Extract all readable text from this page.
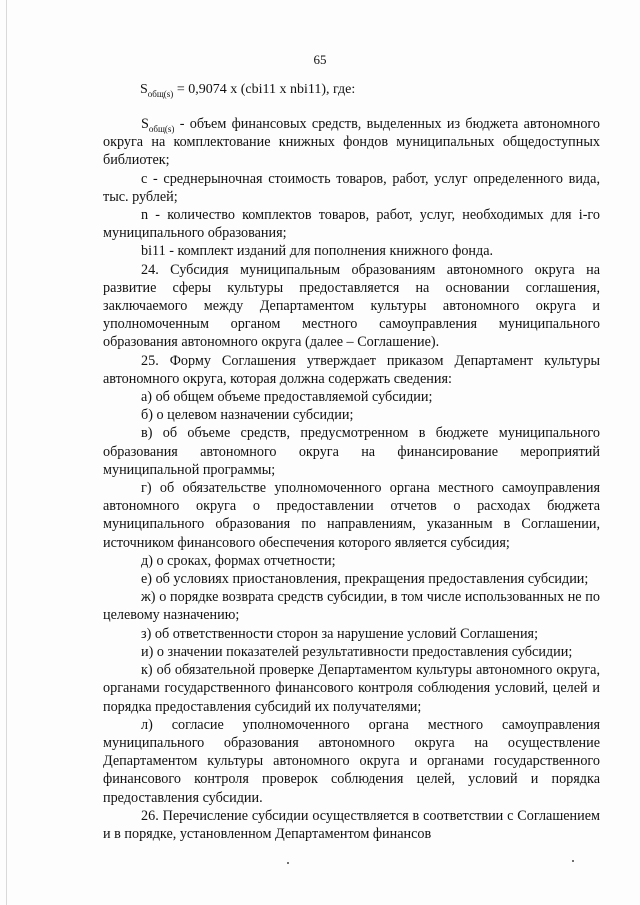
65
$S_{общ(s)} = 0,9074$ х (cbi11 х nbi11), где:

$S_{общ(s)}$ - объем финансовых средств, выделенных из бюджета автономного округа на комплектование книжных фондов муниципальных общедоступных библиотек;

с - среднерыночная стоимость товаров, работ, услуг определенного вида, тыс. рублей;

n - количество комплектов товаров, работ, услуг, необходимых для i-го муниципального образования;

bi11 - комплект изданий для пополнения книжного фонда.

24. Субсидия муниципальным образованиям автономного округа на развитие сферы культуры предоставляется на основании соглашения, заключаемого между Департаментом культуры автономного округа и уполномоченным органом местного самоуправления муниципального образования автономного округа (далее – Соглашение).

25. Форму Соглашения утверждает приказом Департамент культуры автономного округа, которая должна содержать сведения:

а) об общем объеме предоставляемой субсидии;

б) о целевом назначении субсидии;

в) об объеме средств, предусмотренном в бюджете муниципального образования автономного округа на финансирование мероприятий муниципальной программы;

г) об обязательстве уполномоченного органа местного самоуправления автономного округа о предоставлении отчетов о расходах бюджета муниципального образования по направлениям, указанным в Соглашении, источником финансового обеспечения которого является субсидия;

д) о сроках, формах отчетности;

е) об условиях приостановления, прекращения предоставления субсидии;

ж) о порядке возврата средств субсидии, в том числе использованных не по целевому назначению;

з) об ответственности сторон за нарушение условий Соглашения;

и) о значении показателей результативности предоставления субсидии;

к) об обязательной проверке Департаментом культуры автономного округа, органами государственного финансового контроля соблюдения условий, целей и порядка предоставления субсидий их получателями;

л) согласие уполномоченного органа местного самоуправления муниципального образования автономного округа на осуществление Департаментом культуры автономного округа и органами государственного финансового контроля проверок соблюдения целей, условий и порядка предоставления субсидии.

26. Перечисление субсидии осуществляется в соответствии с Соглашением и в порядке, установленном Департаментом финансов
